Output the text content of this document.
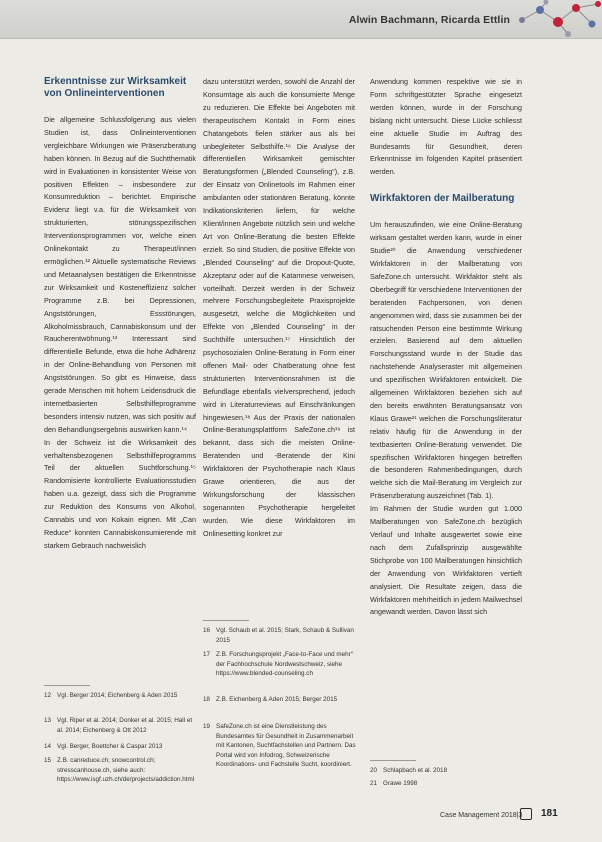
Alwin Bachmann, Ricarda Ettlin
Erkenntnisse zur Wirksamkeit von Onlineinterventionen

Die allgemeine Schlussfolgerung aus vielen Studien ist, dass Onlineinterventionen vergleichbare Wirkungen wie Präsenzberatung haben können. In Bezug auf die Suchtthematik wird in Evaluationen in konsistenter Weise von positiven Effekten – insbesondere zur Konsumreduktion – berichtet. Empirische Evidenz liegt v.a. für die Wirksamkeit von strukturierten, störungsspezifischen Interventionsprogrammen vor, welche einen Onlinekontakt zu Therapeut/innen ermöglichen.¹² Aktuelle systematische Reviews und Metaanalysen bestätigen die Erkenntnisse zur Wirksamkeit und Kosteneffizienz solcher Programme z.B. bei Depressionen, Angststörungen, Essstörungen, Alkoholmissbrauch, Cannabiskonsum und der Raucherentwöhnung.¹³ Interessant sind differentielle Befunde, etwa die hohe Adhärenz in der Online-Behandlung von Personen mit Angststörungen. So gibt es Hinweise, dass gerade Menschen mit hohem Leidensdruck die internetbasierten Selbsthilfeprogramme besonders intensiv nutzen, was sich positiv auf den Behandlungsergebnis auswirken kann.¹⁴

In der Schweiz ist die Wirksamkeit des verhaltensbezogenen Selbsthilfeprogramms Teil der aktuellen Suchtforschung.¹⁵ Randomisierte kontrollierte Evaluationsstudien haben u.a. gezeigt, dass sich die Programme zur Reduktion des Konsums von Alkohol, Cannabis und von Kokain eignen. Mit „Can Reduce“ konnten Cannabiskonsumierende mit starkem Gebrauch nachweislich

12 Vgl. Berger 2014; Eichenberg & Aden 2015
13 Vgl. Riper et al. 2014; Donker et al. 2015; Hall et al. 2014; Eichenberg & Ott 2012
14 Vgl. Berger, Boettcher & Caspar 2013
15 Z.B. canreduce.ch; snowcontrol.ch; stresscanhouse.ch, siehe auch: https://www.isgf.uzh.ch/de/projects/addiction.html

dazu unterstützt werden, sowohl die Anzahl der Konsumtage als auch die konsumierte Menge zu reduzieren. Die Effekte bei Angeboten mit therapeutischem Kontakt in Form eines Chatangebots fielen stärker aus als bei unbegleiteter Selbsthilfe.¹⁶ Die Analyse der differentiellen Wirksamkeit gemischter Beratungsformen („Blended Counseling“), z.B. der Einsatz von Onlinetools im Rahmen einer ambulanten oder stationären Beratung, könnte Indikationskriterien liefern, für welche Klient/innen Angebote nützlich sein und welche Art von Online-Beratung die besten Effekte erzielt. So sind Studien, die positive Effekte von „Blended Counseling“ auf die Dropout-Quote, Akzeptanz oder auf die Katamnese verweisen, vorteilhaft. Derzeit werden in der Schweiz mehrere Forschungsbegleitete Praxisprojekte ausgesetzt, welche die Möglichkeiten und Effekte von „Blended Counseling“ in der Suchthilfe untersuchen.¹⁷ Hinsichtlich der psychosozialen Online-Beratung in Form einer offenen Mail- oder Chatberatung ohne fest strukturierten Interventionsrahmen ist die Befundlage ebenfalls vielversprechend, jedoch wird in Literaturreviews auf Einschränkungen hingewiesen.¹⁸ Aus der Praxis der nationalen Online-Beratungsplattform SafeZone.ch¹⁹ ist bekannt, dass sich die meisten Online-Beratenden und -Beratende der Kini Wirkfaktoren der Psychotherapie nach Klaus Grawe orientieren, die aus der Wirkungsforschung der klassischen sogenannten Psychotherapie hergeleitet wurden. Wie diese Wirkfaktoren im Onlinesetting konkret zur

16 Vgl. Schaub et al. 2015; Stark, Schaub & Sullivan 2015
17 Z.B. Forschungsprojekt „Face-to-Face und mehr“ der Fachhochschule Nordwestschweiz, siehe https://www.blended-counseling.ch
18 Z.B. Eichenberg & Aden 2015; Berger 2015
19 SafeZone.ch ist eine Dienstleistung des Bundesamtes für Gesundheit in Zusammenarbeit mit Kantonen, Suchtfachstellen und Partnern. Das Portal wird von Infodrog, Schweizerische Koordinations- und Fachstelle Sucht, koordiniert.

Anwendung kommen respektive wie sie in Form schriftgestützter Sprache eingesetzt werden können, wurde in der Forschung bislang nicht untersucht. Diese Lücke schliesst eine aktuelle Studie im Auftrag des Bundesamts für Gesundheit, deren Erkenntnisse im folgenden Kapitel präsentiert werden.

Wirkfaktoren der Mailberatung

Um herauszufinden, wie eine Online-Beratung wirksam gestaltet werden kann, wurde in einer Studie²⁰ die Anwendung verschiedener Wirkfaktoren in der Mailberatung von SafeZone.ch untersucht. Wirkfaktor steht als Oberbegriff für verschiedene Interventionen der beratenden Fachpersonen, von denen angenommen wird, dass sie zusammen bei der ratsuchenden Person eine bestimmte Wirkung erzielen. Basierend auf dem aktuellen Forschungsstand wurde in der Studie das nachstehende Analyseraster mit allgemeinen und spezifischen Wirkfaktoren entwickelt. Die allgemeinen Wirkfaktoren beziehen sich auf den bereits erwähnten Beratungsansatz von Klaus Grawe²¹ welchen die Forschungsliteratur relativ häufig für die Anwendung in der textbasierten Online-Beratung verwendet. Die spezifischen Wirkfaktoren hingegen betreffen die besonderen Rahmenbedingungen, durch welche sich die Mail-Beratung im Vergleich zur Präsenzberatung auszeichnet (Tab. 1).

Im Rahmen der Studie wurden gut 1.000 Mailberatungen von SafeZone.ch bezüglich Verlauf und Inhalte ausgewertet sowie eine nach dem Zufallsprinzip ausgewählte Stichprobe von 100 Mailberatungen hinsichtlich der Anwendung von Wirkfaktoren vertieft analysiert. Die Resultate zeigen, dass die Wirkfaktoren mehrheitlich in jedem Mailwechsel angewandt werden. Davon lässt sich

20 Schlapbach et al. 2018
21 Grawe 1998
Case Management 2018|3 181
